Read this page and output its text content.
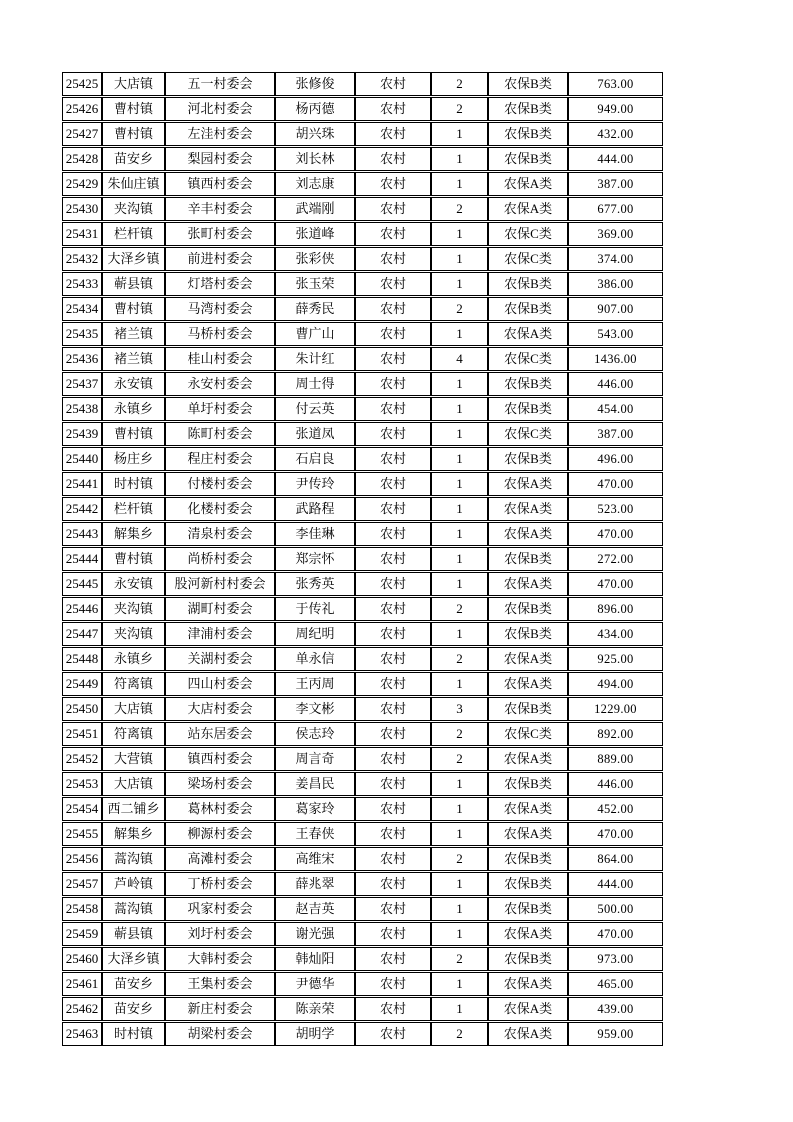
25425	大店镇	五一村委会	张修俊	农村	2	农保B类	763.00
25426	曹村镇	河北村委会	杨丙德	农村	2	农保B类	949.00
25427	曹村镇	左洼村委会	胡兴珠	农村	1	农保B类	432.00
25428	苗安乡	梨园村委会	刘长林	农村	1	农保B类	444.00
25429	朱仙庄镇	镇西村委会	刘志康	农村	1	农保A类	387.00
25430	夹沟镇	辛丰村委会	武端刚	农村	2	农保A类	677.00
25431	栏杆镇	张町村委会	张道峰	农村	1	农保C类	369.00
25432	大泽乡镇	前进村委会	张彩侠	农村	1	农保C类	374.00
25433	蕲县镇	灯塔村委会	张玉荣	农村	1	农保B类	386.00
25434	曹村镇	马湾村委会	薛秀民	农村	2	农保B类	907.00
25435	褚兰镇	马桥村委会	曹广山	农村	1	农保A类	543.00
25436	褚兰镇	桂山村委会	朱计红	农村	4	农保C类	1436.00
25437	永安镇	永安村委会	周士得	农村	1	农保B类	446.00
25438	永镇乡	单圩村委会	付云英	农村	1	农保B类	454.00
25439	曹村镇	陈町村委会	张道凤	农村	1	农保C类	387.00
25440	杨庄乡	程庄村委会	石启良	农村	1	农保B类	496.00
25441	时村镇	付楼村委会	尹传玲	农村	1	农保A类	470.00
25442	栏杆镇	化楼村委会	武路程	农村	1	农保A类	523.00
25443	解集乡	清泉村委会	李佳琳	农村	1	农保A类	470.00
25444	曹村镇	尚桥村委会	郑宗怀	农村	1	农保B类	272.00
25445	永安镇	股河新村村委会	张秀英	农村	1	农保A类	470.00
25446	夹沟镇	湖町村委会	于传礼	农村	2	农保B类	896.00
25447	夹沟镇	津浦村委会	周纪明	农村	1	农保B类	434.00
25448	永镇乡	关湖村委会	单永信	农村	2	农保A类	925.00
25449	符离镇	四山村委会	王丙周	农村	1	农保A类	494.00
25450	大店镇	大店村委会	李文彬	农村	3	农保B类	1229.00
25451	符离镇	站东居委会	侯志玲	农村	2	农保C类	892.00
25452	大营镇	镇西村委会	周言奇	农村	2	农保A类	889.00
25453	大店镇	梁场村委会	姜昌民	农村	1	农保B类	446.00
25454	西二铺乡	葛林村委会	葛家玲	农村	1	农保A类	452.00
25455	解集乡	柳源村委会	王春侠	农村	1	农保A类	470.00
25456	蒿沟镇	高滩村委会	高维宋	农村	2	农保B类	864.00
25457	芦岭镇	丁桥村委会	薛兆翠	农村	1	农保B类	444.00
25458	蒿沟镇	巩家村委会	赵吉英	农村	1	农保B类	500.00
25459	蕲县镇	刘圩村委会	谢光强	农村	1	农保A类	470.00
25460	大泽乡镇	大韩村委会	韩灿阳	农村	2	农保B类	973.00
25461	苗安乡	王集村委会	尹德华	农村	1	农保A类	465.00
25462	苗安乡	新庄村委会	陈亲荣	农村	1	农保A类	439.00
25463	时村镇	胡梁村委会	胡明学	农村	2	农保A类	959.00
